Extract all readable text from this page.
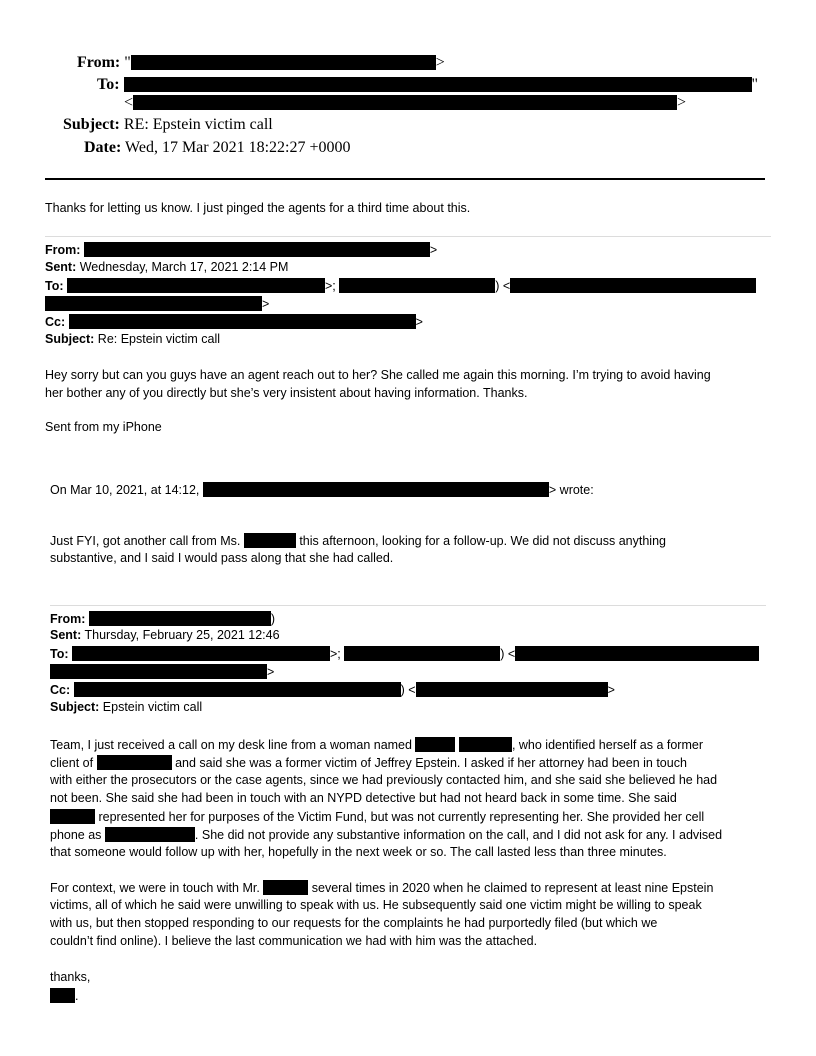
From: "	>
To:	"
<	>
Subject: RE: Epstein victim call
Date: Wed, 17 Mar 2021 18:22:27 +0000
Thanks for letting us know. I just pinged the agents for a third time about this.
From:	>
Sent: Wednesday, March 17, 2021 2:14 PM
To:	>;	) <
>
Cc:	>
Subject: Re: Epstein victim call
Hey sorry but can you guys have an agent reach out to her? She called me again this morning. I’m trying to avoid having
her bother any of you directly but she’s very insistent about having information. Thanks.
Sent from my iPhone
On Mar 10, 2021, at 14:12,	> wrote:
Just FYI, got another call from Ms.	this afternoon, looking for a follow-up. We did not discuss anything
substantive, and I said I would pass along that she had called.
From:	)
Sent: Thursday, February 25, 2021 12:46
To:	>;	) <
>
Cc:	) <	>
Subject: Epstein victim call
Team, I just received a call on my desk line from a woman named	, who identified herself as a former
client of	and said she was a former victim of Jeffrey Epstein. I asked if her attorney had been in touch
with either the prosecutors or the case agents, since we had previously contacted him, and she said she believed he had
not been. She said she had been in touch with an NYPD detective but had not heard back in some time. She said
represented her for purposes of the Victim Fund, but was not currently representing her. She provided her cell
phone as	. She did not provide any substantive information on the call, and I did not ask for any. I advised
that someone would follow up with her, hopefully in the next week or so. The call lasted less than three minutes.
For context, we were in touch with Mr.	several times in 2020 when he claimed to represent at least nine Epstein
victims, all of which he said were unwilling to speak with us. He subsequently said one victim might be willing to speak
with us, but then stopped responding to our requests for the complaints he had purportedly filed (but which we
couldn’t find online). I believe the last communication we had with him was the attached.
thanks,
.
